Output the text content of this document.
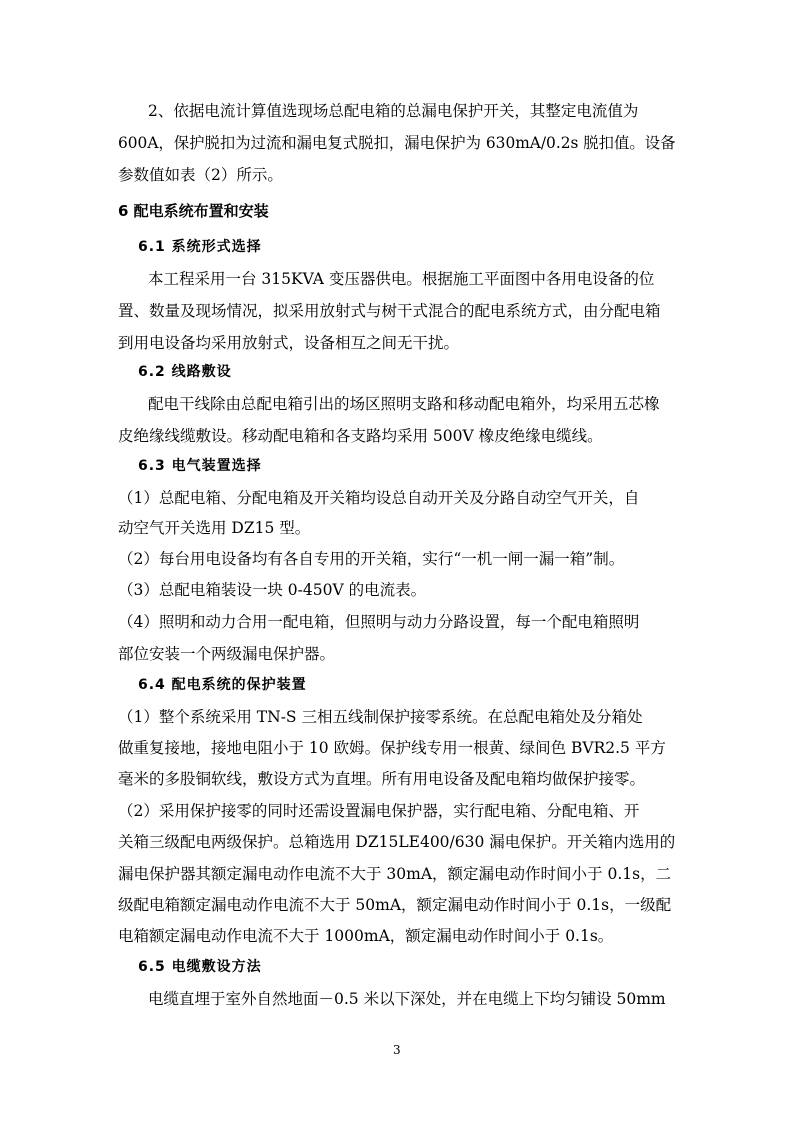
2、依据电流计算值选现场总配电箱的总漏电保护开关，其整定电流值为
600A，保护脱扣为过流和漏电复式脱扣，漏电保护为 630mA/0.2s 脱扣值。设备
参数值如表（2）所示。
6 配电系统布置和安装
6.1 系统形式选择
本工程采用一台 315KVA 变压器供电。根据施工平面图中各用电设备的位
置、数量及现场情况，拟采用放射式与树干式混合的配电系统方式，由分配电箱
到用电设备均采用放射式，设备相互之间无干扰。
6.2 线路敷设
配电干线除由总配电箱引出的场区照明支路和移动配电箱外，均采用五芯橡
皮绝缘线缆敷设。移动配电箱和各支路均采用 500V 橡皮绝缘电缆线。
6.3 电气装置选择
（1）总配电箱、分配电箱及开关箱均设总自动开关及分路自动空气开关，自
动空气开关选用 DZ15 型。
（2）每台用电设备均有各自专用的开关箱，实行“一机一闸一漏一箱”制。
（3）总配电箱装设一块 0-450V 的电流表。
（4）照明和动力合用一配电箱，但照明与动力分路设置，每一个配电箱照明
部位安装一个两级漏电保护器。
6.4 配电系统的保护装置
（1）整个系统采用 TN-S 三相五线制保护接零系统。在总配电箱处及分箱处
做重复接地，接地电阻小于 10 欧姆。保护线专用一根黄、绿间色 BVR2.5 平方
毫米的多股铜软线，敷设方式为直埋。所有用电设备及配电箱均做保护接零。
（2）采用保护接零的同时还需设置漏电保护器，实行配电箱、分配电箱、开
关箱三级配电两级保护。总箱选用 DZ15LE400/630 漏电保护。开关箱内选用的
漏电保护器其额定漏电动作电流不大于 30mA，额定漏电动作时间小于 0.1s，二
级配电箱额定漏电动作电流不大于 50mA，额定漏电动作时间小于 0.1s，一级配
电箱额定漏电动作电流不大于 1000mA，额定漏电动作时间小于 0.1s。
6.5 电缆敷设方法
电缆直埋于室外自然地面－0.5 米以下深处，并在电缆上下均匀铺设 50mm
3
